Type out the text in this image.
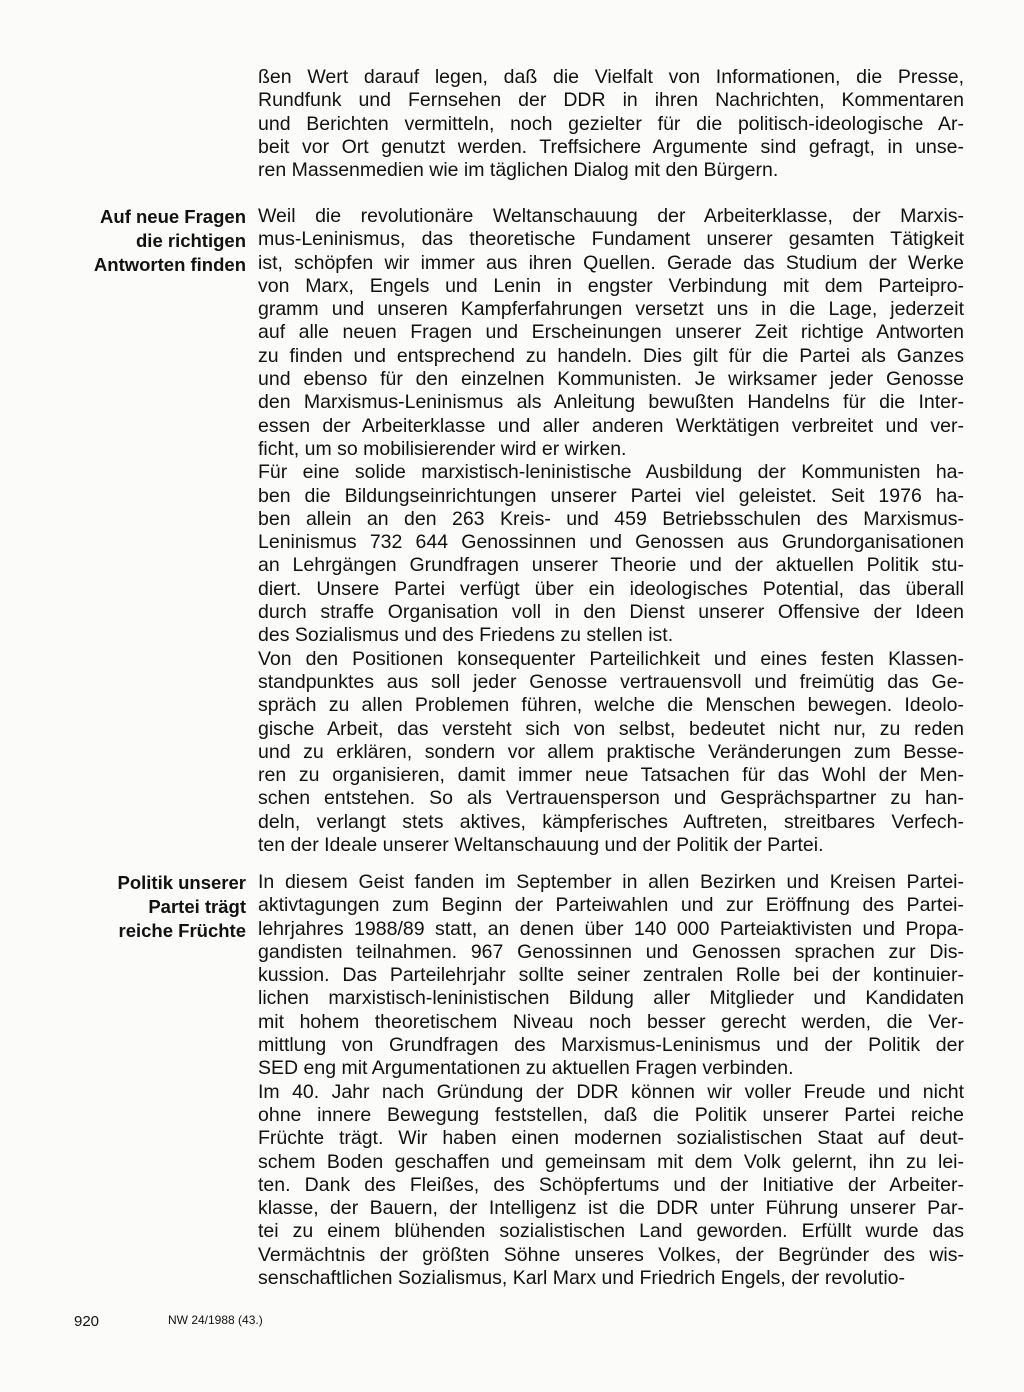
Auf neue Fragen
die richtigen
Antworten finden
Politik unserer
Partei trägt
reiche Früchte
ßen Wert darauf legen, daß die Vielfalt von Informationen, die Presse,
Rundfunk und Fernsehen der DDR in ihren Nachrichten, Kommentaren
und Berichten vermitteln, noch gezielter für die politisch-ideologische Ar-
beit vor Ort genutzt werden. Treffsichere Argumente sind gefragt, in unse-
ren Massenmedien wie im täglichen Dialog mit den Bürgern.
Weil die revolutionäre Weltanschauung der Arbeiterklasse, der Marxis-
mus-Leninismus, das theoretische Fundament unserer gesamten Tätigkeit
ist, schöpfen wir immer aus ihren Quellen. Gerade das Studium der Werke
von Marx, Engels und Lenin in engster Verbindung mit dem Parteipro-
gramm und unseren Kampferfahrungen versetzt uns in die Lage, jederzeit
auf alle neuen Fragen und Erscheinungen unserer Zeit richtige Antworten
zu finden und entsprechend zu handeln. Dies gilt für die Partei als Ganzes
und ebenso für den einzelnen Kommunisten. Je wirksamer jeder Genosse
den Marxismus-Leninismus als Anleitung bewußten Handelns für die Inter-
essen der Arbeiterklasse und aller anderen Werktätigen verbreitet und ver-
ficht, um so mobilisierender wird er wirken.
Für eine solide marxistisch-leninistische Ausbildung der Kommunisten ha-
ben die Bildungseinrichtungen unserer Partei viel geleistet. Seit 1976 ha-
ben allein an den 263 Kreis- und 459 Betriebsschulen des Marxismus-
Leninismus 732 644 Genossinnen und Genossen aus Grundorganisationen
an Lehrgängen Grundfragen unserer Theorie und der aktuellen Politik stu-
diert. Unsere Partei verfügt über ein ideologisches Potential, das überall
durch straffe Organisation voll in den Dienst unserer Offensive der Ideen
des Sozialismus und des Friedens zu stellen ist.
Von den Positionen konsequenter Parteilichkeit und eines festen Klassen-
standpunktes aus soll jeder Genosse vertrauensvoll und freimütig das Ge-
spräch zu allen Problemen führen, welche die Menschen bewegen. Ideolo-
gische Arbeit, das versteht sich von selbst, bedeutet nicht nur, zu reden
und zu erklären, sondern vor allem praktische Veränderungen zum Besse-
ren zu organisieren, damit immer neue Tatsachen für das Wohl der Men-
schen entstehen. So als Vertrauensperson und Gesprächspartner zu han-
deln, verlangt stets aktives, kämpferisches Auftreten, streitbares Verfech-
ten der Ideale unserer Weltanschauung und der Politik der Partei.
In diesem Geist fanden im September in allen Bezirken und Kreisen Partei-
aktivtagungen zum Beginn der Parteiwahlen und zur Eröffnung des Partei-
lehrjahres 1988/89 statt, an denen über 140 000 Parteiaktivisten und Propa-
gandisten teilnahmen. 967 Genossinnen und Genossen sprachen zur Dis-
kussion. Das Parteilehrjahr sollte seiner zentralen Rolle bei der kontinuier-
lichen marxistisch-leninistischen Bildung aller Mitglieder und Kandidaten
mit hohem theoretischem Niveau noch besser gerecht werden, die Ver-
mittlung von Grundfragen des Marxismus-Leninismus und der Politik der
SED eng mit Argumentationen zu aktuellen Fragen verbinden.
Im 40. Jahr nach Gründung der DDR können wir voller Freude und nicht
ohne innere Bewegung feststellen, daß die Politik unserer Partei reiche
Früchte trägt. Wir haben einen modernen sozialistischen Staat auf deut-
schem Boden geschaffen und gemeinsam mit dem Volk gelernt, ihn zu lei-
ten. Dank des Fleißes, des Schöpfertums und der Initiative der Arbeiter-
klasse, der Bauern, der Intelligenz ist die DDR unter Führung unserer Par-
tei zu einem blühenden sozialistischen Land geworden. Erfüllt wurde das
Vermächtnis der größten Söhne unseres Volkes, der Begründer des wis-
senschaftlichen Sozialismus, Karl Marx und Friedrich Engels, der revolutio-
920	NW 24/1988 (43.)
